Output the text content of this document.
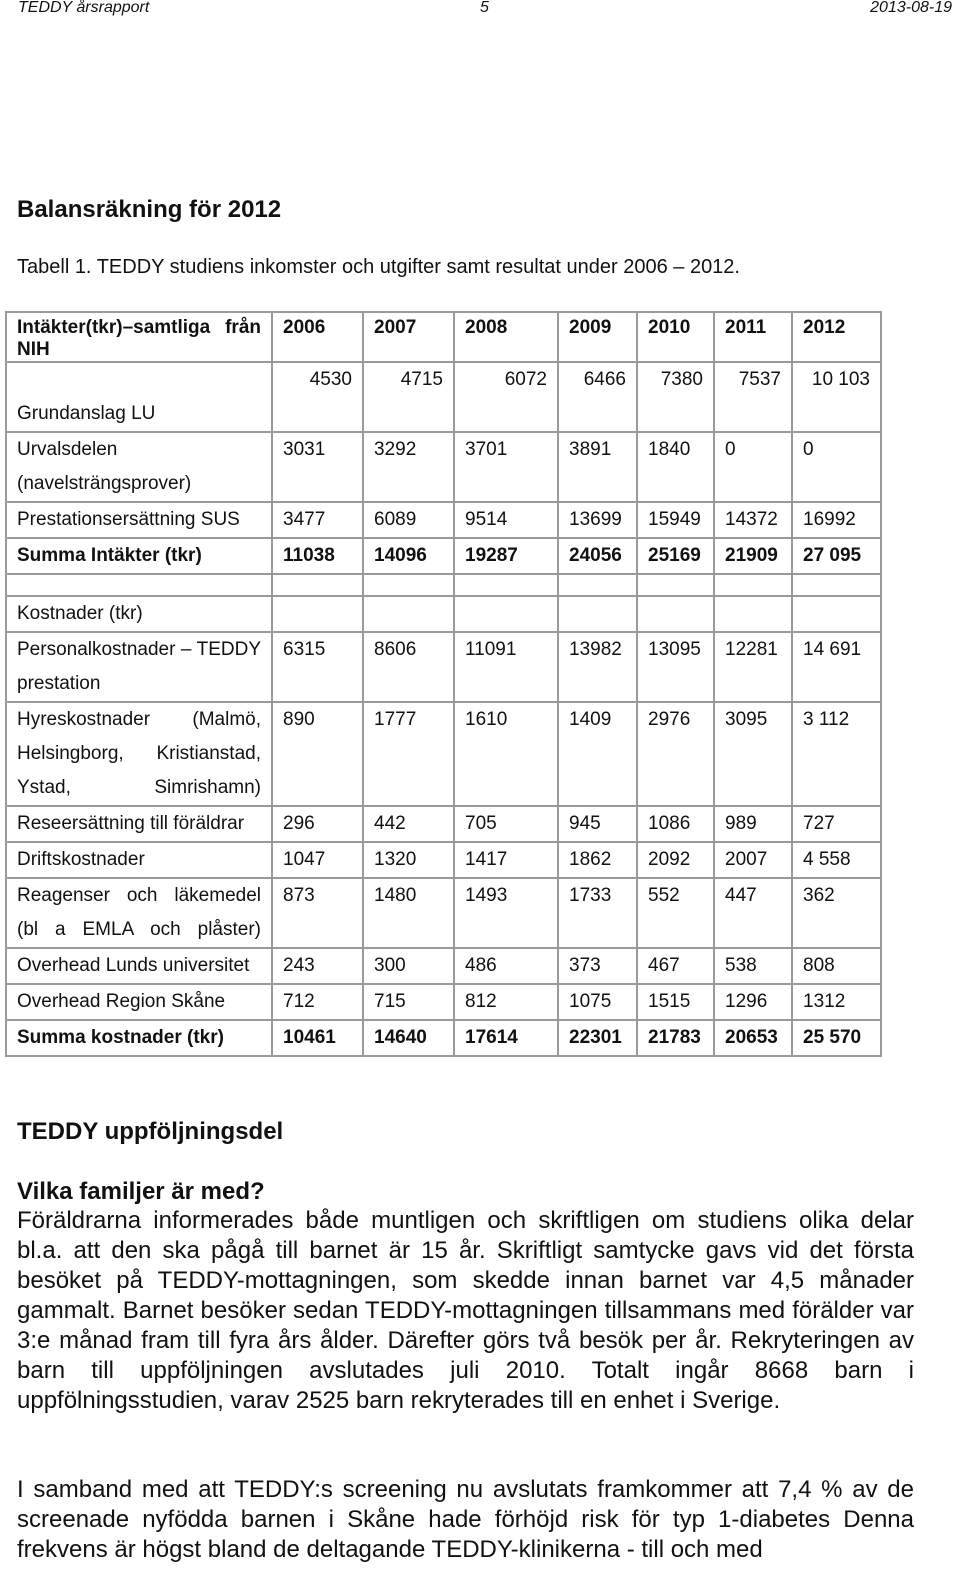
TEDDY årsrapport	5	2013-08-19
Balansräkning för 2012
Tabell 1. TEDDY studiens inkomster och utgifter samt resultat under 2006 – 2012.
Intäkter(tkr)–samtliga från NIH	2006	2007	2008	2009	2010	2011	2012
Grundanslag LU	4530	4715	6072	6466	7380	7537	10 103
Urvalsdelen (navelsträngsprover)	3031	3292	3701	3891	1840	0	0
Prestationsersättning SUS	3477	6089	9514	13699	15949	14372	16992
Summa Intäkter (tkr)	11038	14096	19287	24056	25169	21909	27 095

Kostnader (tkr)							
Personalkostnader – TEDDY prestation	6315	8606	11091	13982	13095	12281	14 691
Hyreskostnader (Malmö, Helsingborg, Kristianstad, Ystad, Simrishamn)	890	1777	1610	1409	2976	3095	3 112
Reseersättning till föräldrar	296	442	705	945	1086	989	727
Driftskostnader	1047	1320	1417	1862	2092	2007	4 558
Reagenser och läkemedel (bl a EMLA och plåster)	873	1480	1493	1733	552	447	362
Overhead Lunds universitet	243	300	486	373	467	538	808
Overhead Region Skåne	712	715	812	1075	1515	1296	1312
Summa kostnader (tkr)	10461	14640	17614	22301	21783	20653	25 570
TEDDY uppföljningsdel
Vilka familjer är med?
Föräldrarna informerades både muntligen och skriftligen om studiens olika delar bl.a. att den ska pågå till barnet är 15 år. Skriftligt samtycke gavs vid det första besöket på TEDDY-mottagningen, som skedde innan barnet var 4,5 månader gammalt. Barnet besöker sedan TEDDY-mottagningen tillsammans med förälder var 3:e månad fram till fyra års ålder. Därefter görs två besök per år. Rekryteringen av barn till uppföljningen avslutades juli 2010. Totalt ingår 8668 barn i uppfölningsstudien, varav 2525 barn rekryterades till en enhet i Sverige.
I samband med att TEDDY:s screening nu avslutats framkommer att 7,4 % av de screenade nyfödda barnen i Skåne hade förhöjd risk för typ 1-diabetes Denna frekvens är högst bland de deltagande TEDDY-klinikerna - till och med
